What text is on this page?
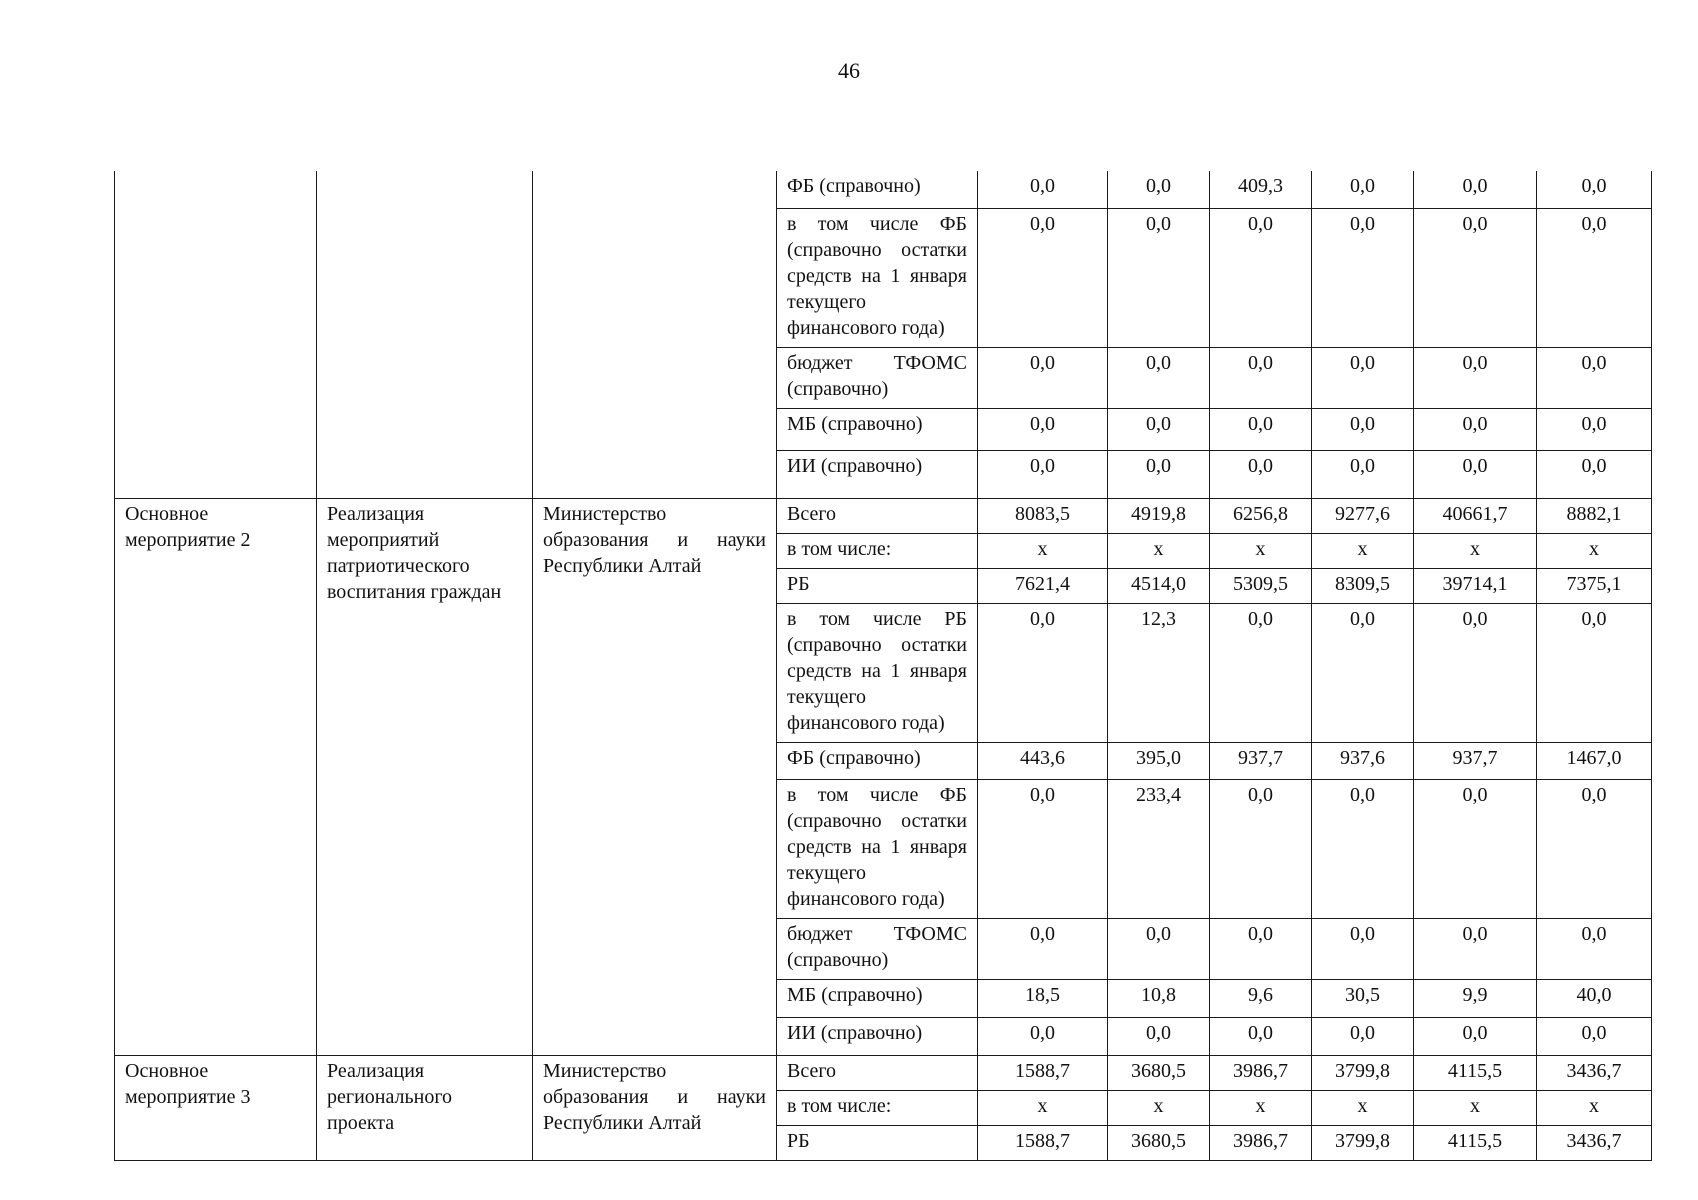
46
			ФБ (справочно)	0,0	0,0	409,3	0,0	0,0	0,0
			в том числе ФБ (справочно остатки средств на 1 января текущего финансового года)	0,0	0,0	0,0	0,0	0,0	0,0
			бюджет ТФОМС (справочно)	0,0	0,0	0,0	0,0	0,0	0,0
			МБ (справочно)	0,0	0,0	0,0	0,0	0,0	0,0
			ИИ (справочно)	0,0	0,0	0,0	0,0	0,0	0,0
Основное мероприятие 2	Реализация мероприятий патриотического воспитания граждан	Министерство образования и науки Республики Алтай	Всего	8083,5	4919,8	6256,8	9277,6	40661,7	8882,1
			в том числе:	х	х	х	х	х	х
			РБ	7621,4	4514,0	5309,5	8309,5	39714,1	7375,1
			в том числе РБ (справочно остатки средств на 1 января текущего финансового года)	0,0	12,3	0,0	0,0	0,0	0,0
			ФБ (справочно)	443,6	395,0	937,7	937,6	937,7	1467,0
			в том числе ФБ (справочно остатки средств на 1 января текущего финансового года)	0,0	233,4	0,0	0,0	0,0	0,0
			бюджет ТФОМС (справочно)	0,0	0,0	0,0	0,0	0,0	0,0
			МБ (справочно)	18,5	10,8	9,6	30,5	9,9	40,0
			ИИ (справочно)	0,0	0,0	0,0	0,0	0,0	0,0
Основное мероприятие 3	Реализация регионального проекта	Министерство образования и науки Республики Алтай	Всего	1588,7	3680,5	3986,7	3799,8	4115,5	3436,7
			в том числе:	х	х	х	х	х	х
			РБ	1588,7	3680,5	3986,7	3799,8	4115,5	3436,7
